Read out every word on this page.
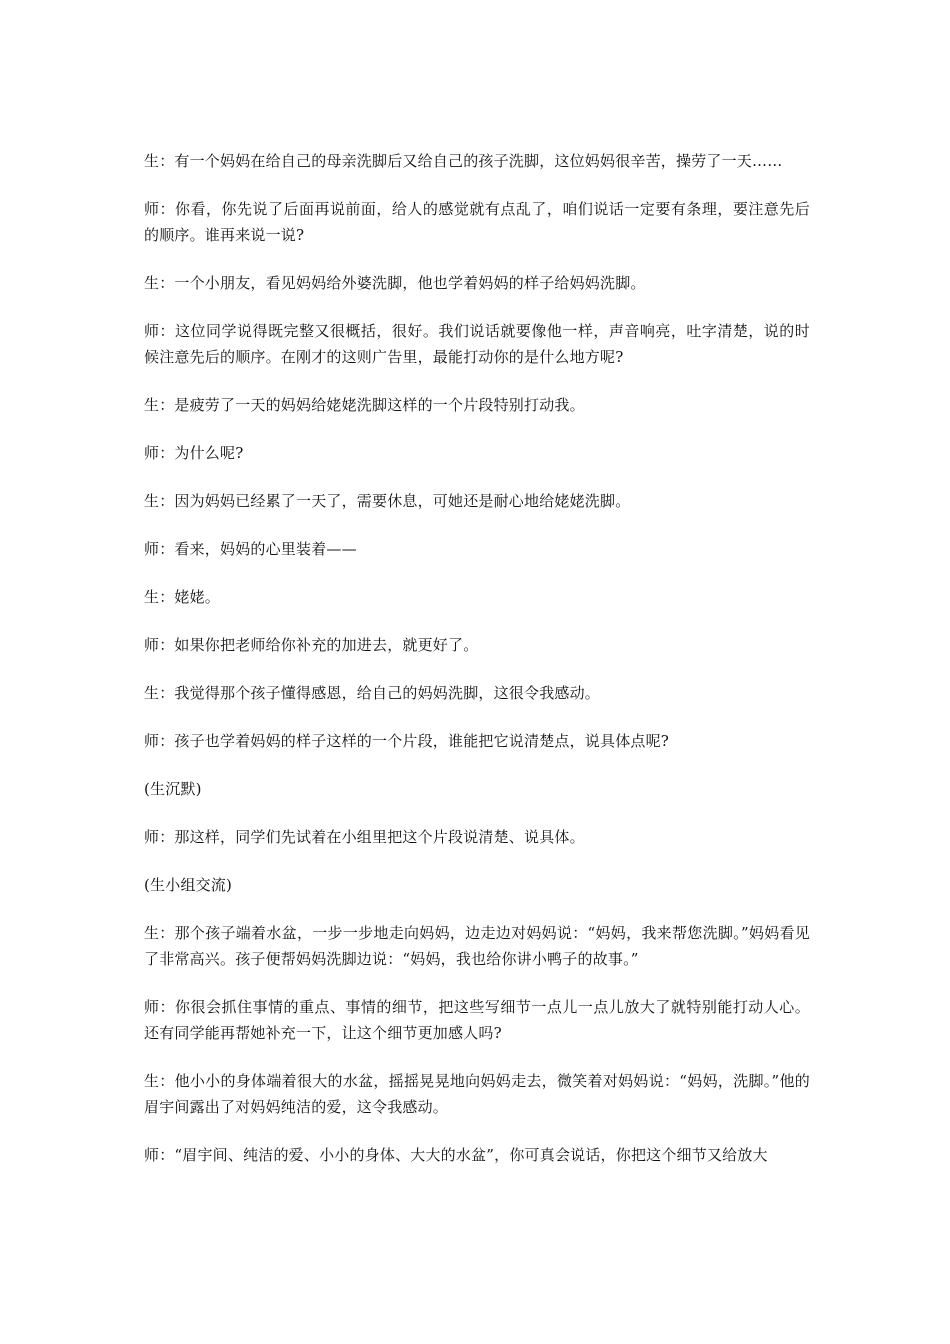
生：有一个妈妈在给自己的母亲洗脚后又给自己的孩子洗脚，这位妈妈很辛苦，操劳了一天……

师：你看，你先说了后面再说前面，给人的感觉就有点乱了，咱们说话一定要有条理，要注意先后的顺序。谁再来说一说?

生：一个小朋友，看见妈妈给外婆洗脚，他也学着妈妈的样子给妈妈洗脚。

师：这位同学说得既完整又很概括，很好。我们说话就要像他一样，声音响亮，吐字清楚，说的时候注意先后的顺序。在刚才的这则广告里，最能打动你的是什么地方呢?

生：是疲劳了一天的妈妈给姥姥洗脚这样的一个片段特别打动我。

师：为什么呢?

生：因为妈妈已经累了一天了，需要休息，可她还是耐心地给姥姥洗脚。

师：看来，妈妈的心里装着——

生：姥姥。

师：如果你把老师给你补充的加进去，就更好了。

生：我觉得那个孩子懂得感恩，给自己的妈妈洗脚，这很令我感动。

师：孩子也学着妈妈的样子这样的一个片段，谁能把它说清楚点，说具体点呢?

(生沉默)

师：那这样，同学们先试着在小组里把这个片段说清楚、说具体。

(生小组交流)

生：那个孩子端着水盆，一步一步地走向妈妈，边走边对妈妈说：“妈妈，我来帮您洗脚。”妈妈看见了非常高兴。孩子便帮妈妈洗脚边说：“妈妈，我也给你讲小鸭子的故事。”

师：你很会抓住事情的重点、事情的细节，把这些写细节一点儿一点儿放大了就特别能打动人心。还有同学能再帮她补充一下，让这个细节更加感人吗?

生：他小小的身体端着很大的水盆，摇摇晃晃地向妈妈走去，微笑着对妈妈说：“妈妈，洗脚。”他的眉宇间露出了对妈妈纯洁的爱，这令我感动。

师：“眉宇间、纯洁的爱、小小的身体、大大的水盆”，你可真会说话，你把这个细节又给放大
